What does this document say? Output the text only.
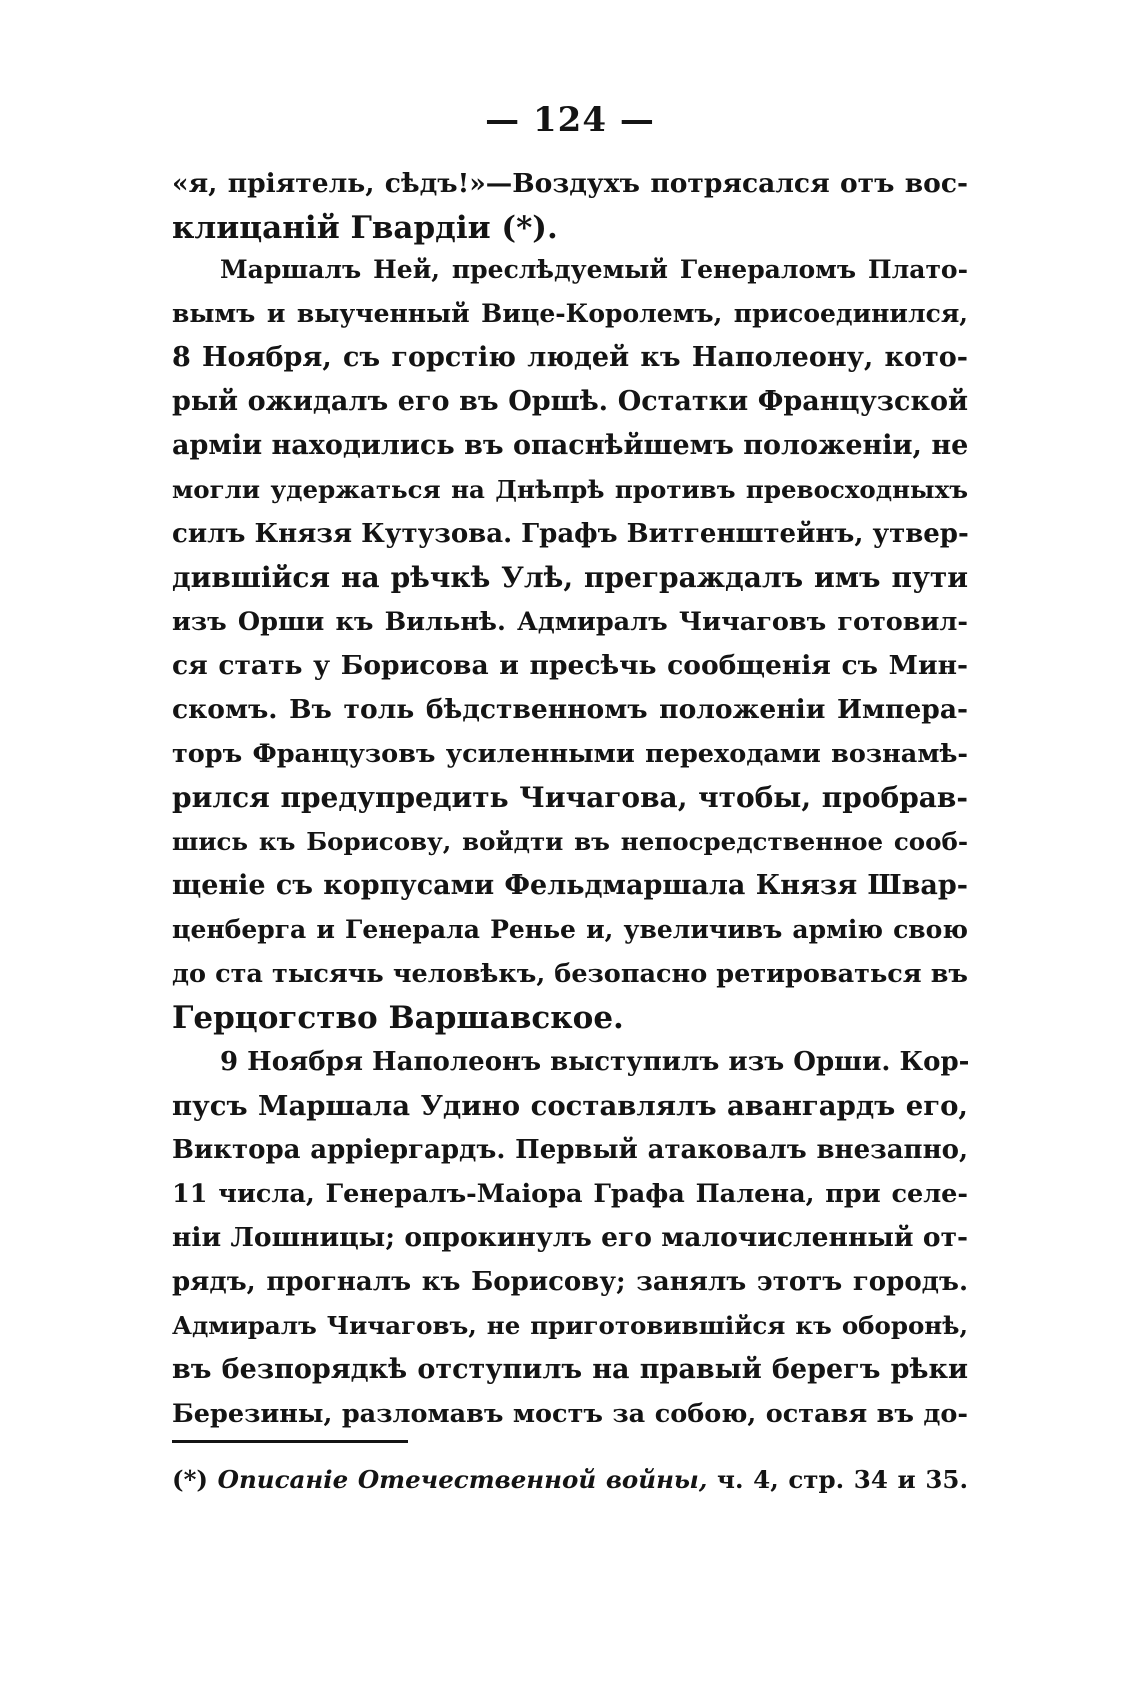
— 124 —
«я, пріятель, сѣдъ!»—Воздухъ потрясался отъ вос-
клицаній Гвардіи (*).
Маршалъ Ней, преслѣдуемый Генераломъ Плато-
вымъ и выученный Вице-Королемъ, присоединился,
8 Ноября, съ горстію людей къ Наполеону, кото-
рый ожидалъ его въ Оршѣ. Остатки Французской
арміи находились въ опаснѣйшемъ положеніи, не
могли удержаться на Днѣпрѣ противъ превосходныхъ
силъ Князя Кутузова. Графъ Витгенштейнъ, утвер-
дившійся на рѣчкѣ Улѣ, преграждалъ имъ пути
изъ Орши къ Вильнѣ. Адмиралъ Чичаговъ готовил-
ся стать у Борисова и пресѣчь сообщенія съ Мин-
скомъ. Въ толь бѣдственномъ положеніи Импера-
торъ Французовъ усиленными переходами вознамѣ-
рился предупредить Чичагова, чтобы, пробрав-
шись къ Борисову, войдти въ непосредственное сооб-
щеніе съ корпусами Фельдмаршала Князя Швар-
ценберга и Генерала Ренье и, увеличивъ армію свою
до ста тысячь человѣкъ, безопасно ретироваться въ
Герцогство Варшавское.
9 Ноября Наполеонъ выступилъ изъ Орши. Кор-
пусъ Маршала Удино составлялъ авангардъ его,
Виктора арріергардъ. Первый атаковалъ внезапно,
11 числа, Генералъ-Маіора Графа Палена, при селе-
ніи Лошницы; опрокинулъ его малочисленный от-
рядъ, прогналъ къ Борисову; занялъ этотъ городъ.
Адмиралъ Чичаговъ, не приготовившійся къ оборонѣ,
въ безпорядкѣ отступилъ на правый берегъ рѣки
Березины, разломавъ мостъ за собою, оставя въ до-
(*) Описаніе Отечественной войны, ч. 4, стр. 34 и 35.
